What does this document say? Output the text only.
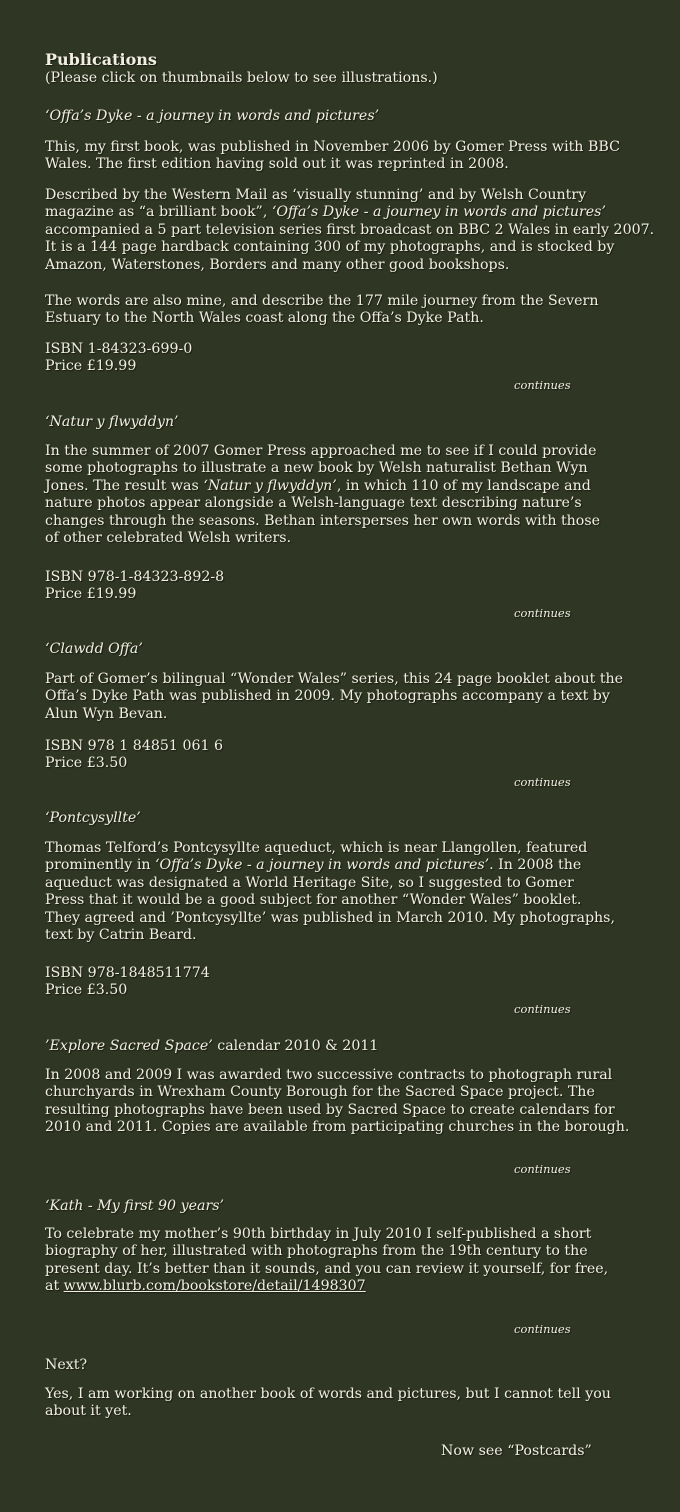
Publications
(Please click on thumbnails below to see illustrations.)
‘Offa’s Dyke - a journey in words and pictures’
This, my first book, was published in November 2006 by Gomer Press with BBC
Wales. The first edition having sold out it was reprinted in 2008.
Described by the Western Mail as ‘visually stunning’ and by Welsh Country
magazine as “a brilliant book”, ‘Offa’s Dyke - a journey in words and pictures’
accompanied a 5 part television series first broadcast on BBC 2 Wales in early 2007.
It is a 144 page hardback containing 300 of my photographs, and is stocked by
Amazon, Waterstones, Borders and many other good bookshops.
The words are also mine, and describe the 177 mile journey from the Severn
Estuary to the North Wales coast along the Offa’s Dyke Path.
ISBN 1-84323-699-0
Price £19.99
continues
‘Natur y flwyddyn’
In the summer of 2007 Gomer Press approached me to see if I could provide
some photographs to illustrate a new book by Welsh naturalist Bethan Wyn
Jones. The result was ‘Natur y flwyddyn’, in which 110 of my landscape and
nature photos appear alongside a Welsh-language text describing nature’s
changes through the seasons. Bethan intersperses her own words with those
of other celebrated Welsh writers.
ISBN 978-1-84323-892-8
Price £19.99
continues
‘Clawdd Offa’
Part of Gomer’s bilingual “Wonder Wales” series, this 24 page booklet about the
Offa’s Dyke Path was published in 2009. My photographs accompany a text by
Alun Wyn Bevan.
ISBN 978 1 84851 061 6
Price £3.50
continues
‘Pontcysyllte’
Thomas Telford’s Pontcysyllte aqueduct, which is near Llangollen, featured
prominently in ‘Offa’s Dyke - a journey in words and pictures’. In 2008 the
aqueduct was designated a World Heritage Site, so I suggested to Gomer
Press that it would be a good subject for another “Wonder Wales” booklet.
They agreed and ’Pontcysyllte’ was published in March 2010. My photographs,
text by Catrin Beard.
ISBN 978-1848511774
Price £3.50
continues
’Explore Sacred Space’ calendar 2010 & 2011
In 2008 and 2009 I was awarded two successive contracts to photograph rural
churchyards in Wrexham County Borough for the Sacred Space project. The
resulting photographs have been used by Sacred Space to create calendars for
2010 and 2011. Copies are available from participating churches in the borough.
continues
‘Kath - My first 90 years’
To celebrate my mother’s 90th birthday in July 2010 I self-published a short
biography of her, illustrated with photographs from the 19th century to the
present day. It’s better than it sounds, and you can review it yourself, for free,
at www.blurb.com/bookstore/detail/1498307
continues
Next?
Yes, I am working on another book of words and pictures, but I cannot tell you
about it yet.
Now see “Postcards”
